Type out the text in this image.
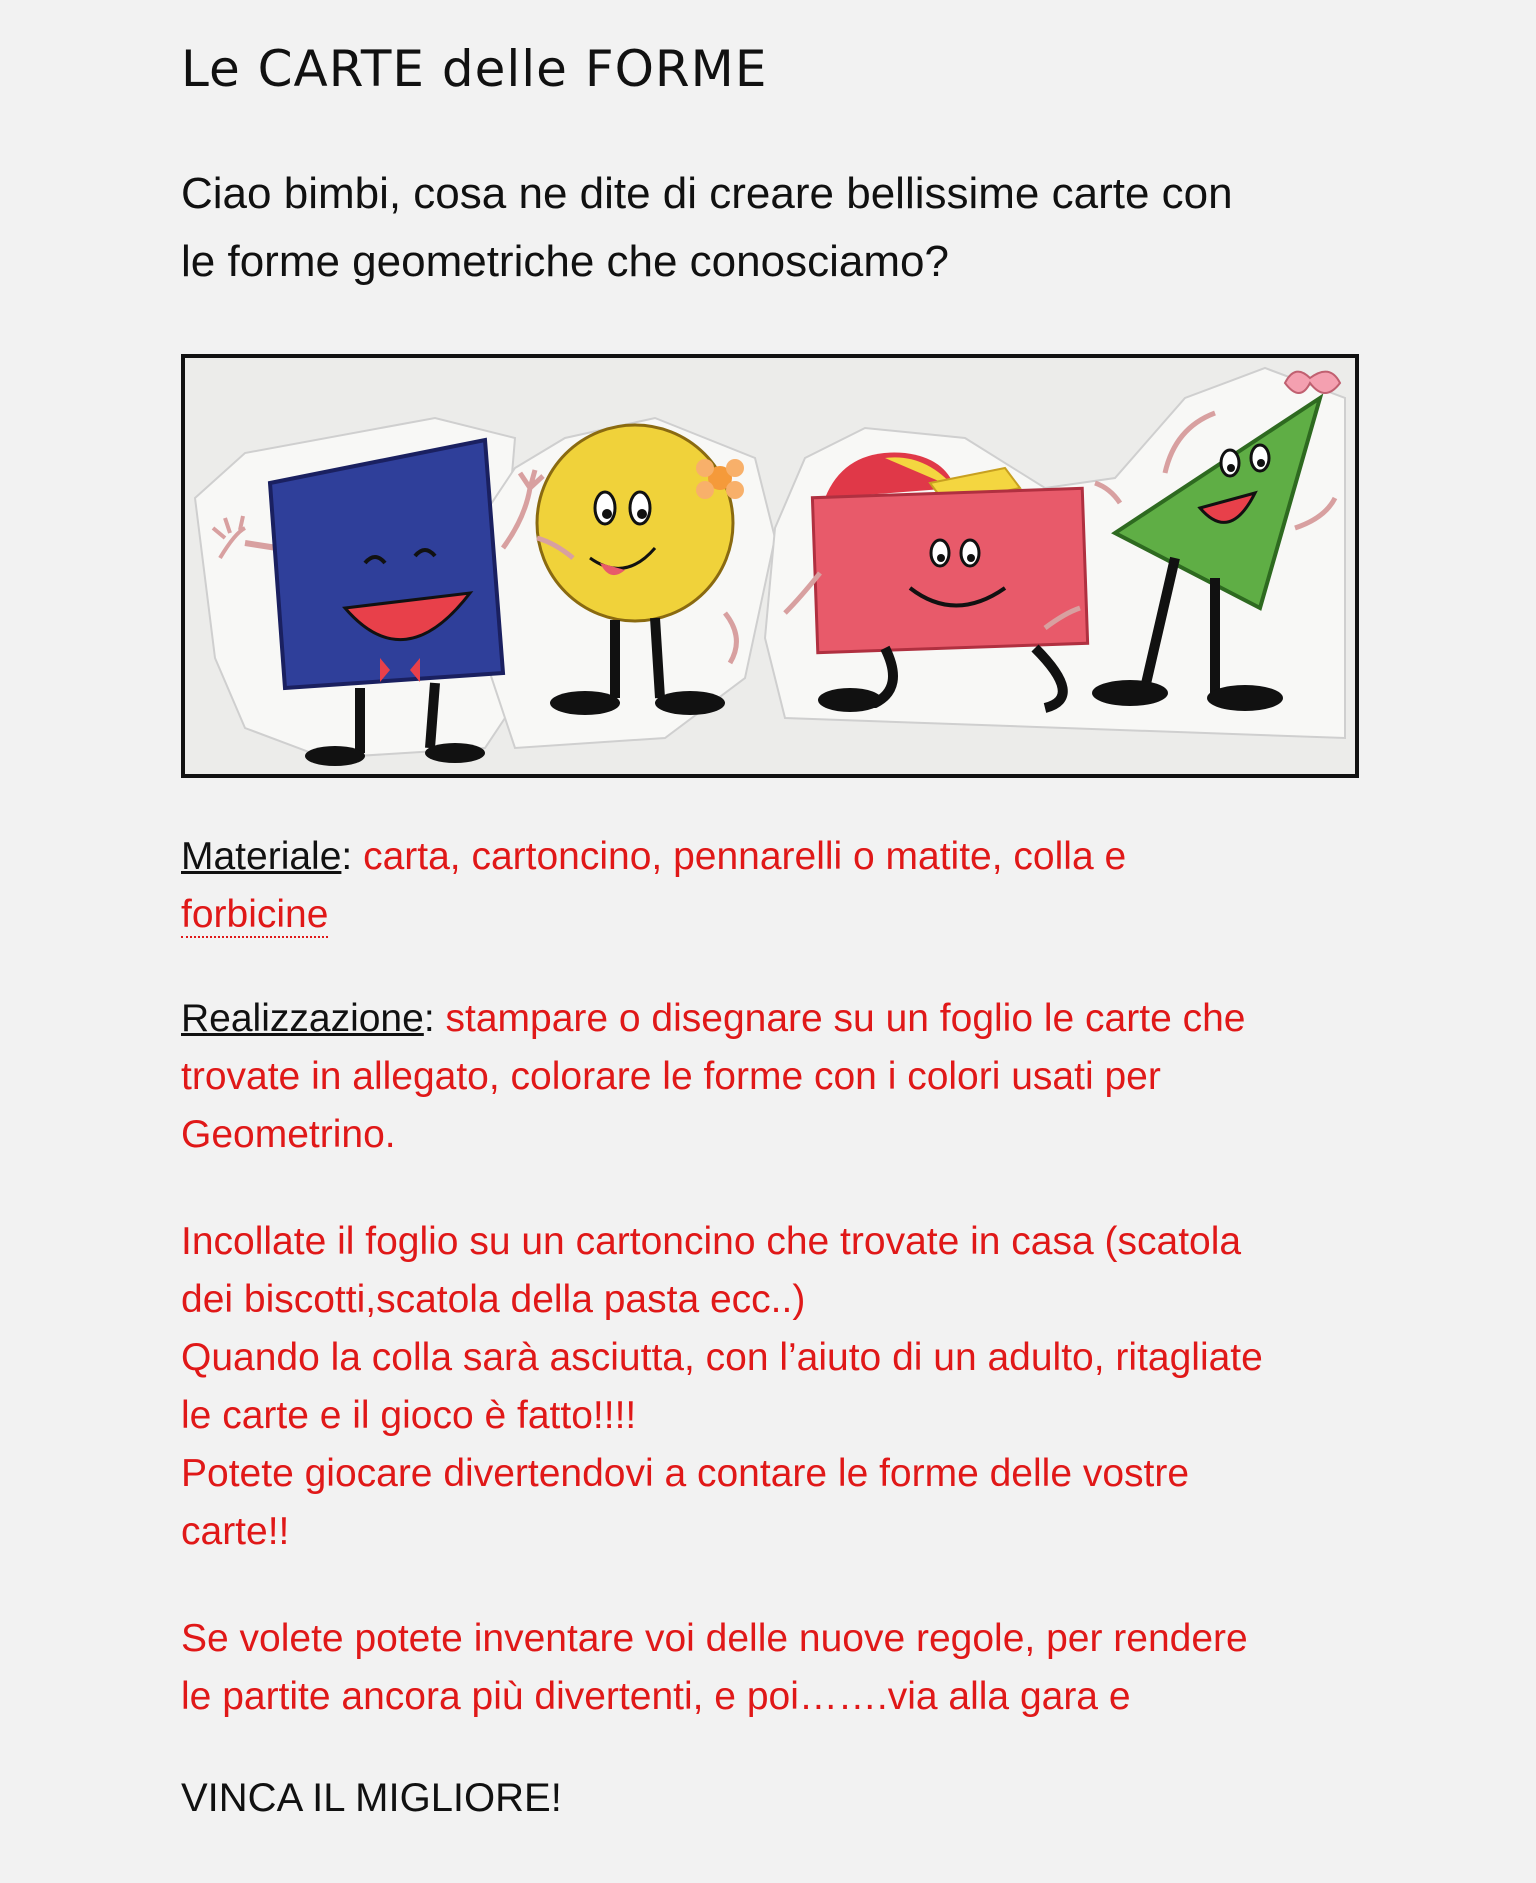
Le CARTE delle FORME

Ciao bimbi, cosa ne dite di creare bellissime carte con
le forme geometriche che conosciamo?

Materiale: carta, cartoncino, pennarelli o matite, colla e
forbicine

Realizzazione: stampare o disegnare su un foglio le carte che
trovate in allegato, colorare le forme con i colori usati per
Geometrino.

Incollate il foglio su un cartoncino che trovate in casa (scatola
dei biscotti,scatola della pasta ecc..)
Quando la colla sarà asciutta, con l’aiuto di un adulto, ritagliate
le carte e il gioco è fatto!!!!
Potete giocare divertendovi a contare le forme delle vostre
carte!!

Se volete potete inventare voi delle nuove regole, per rendere
le partite ancora più divertenti, e poi…….via alla gara e

VINCA IL MIGLIORE!
